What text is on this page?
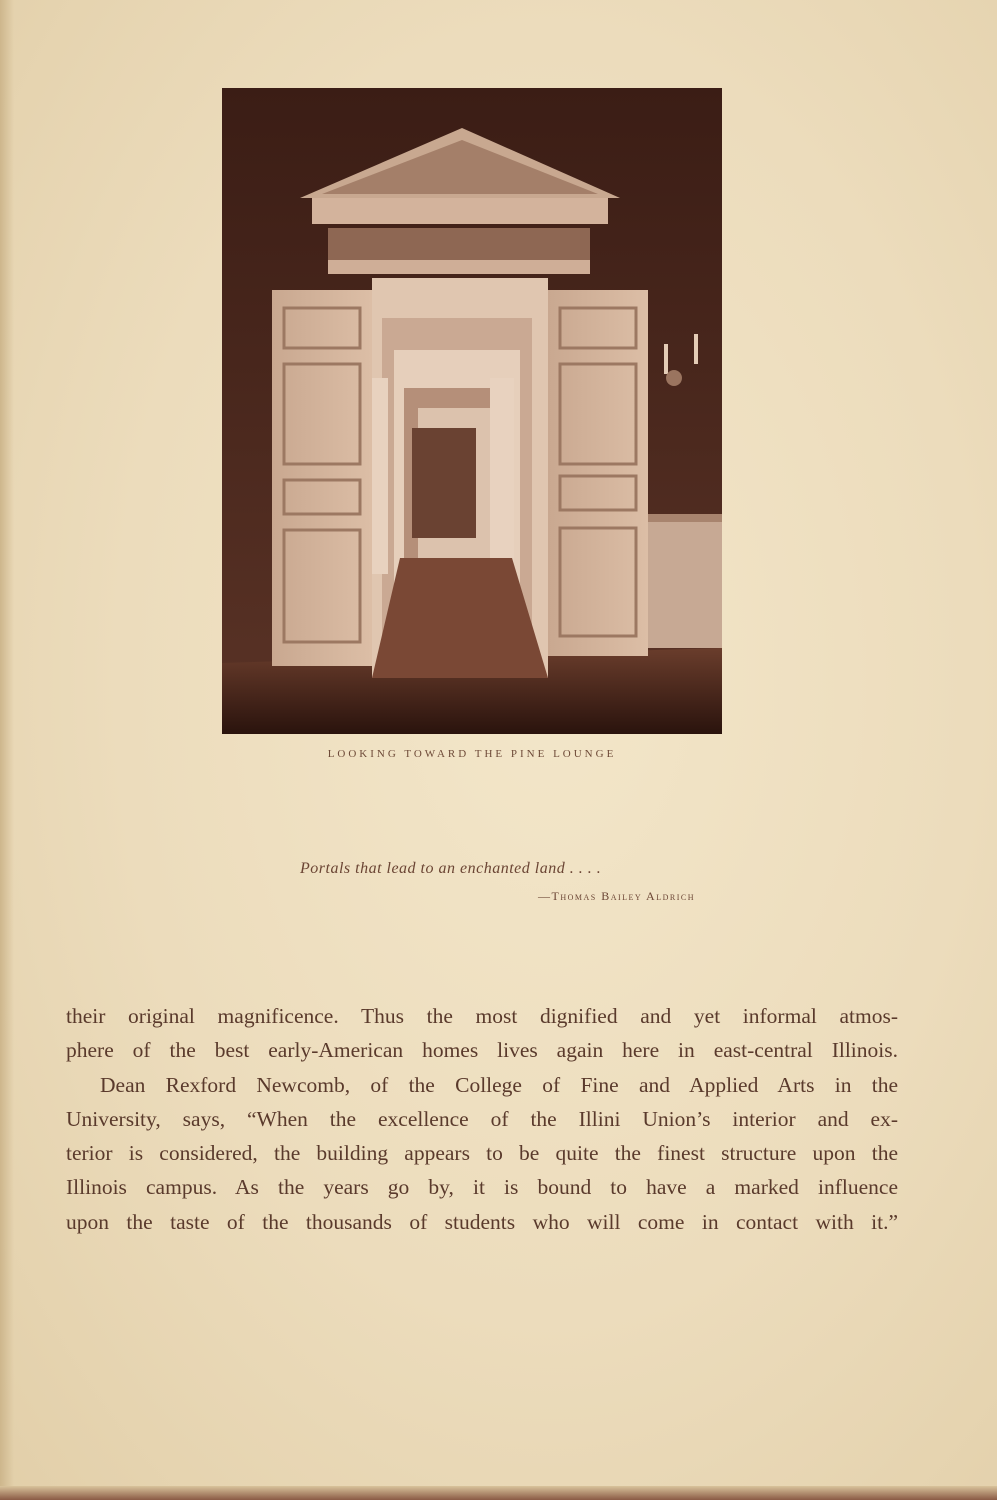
LOOKING TOWARD THE PINE LOUNGE
Portals that lead to an enchanted land . . . .
—Thomas Bailey Aldrich
their original magnificence. Thus the most dignified and yet informal atmos-
phere of the best early-American homes lives again here in east-central Illinois.
Dean Rexford Newcomb, of the College of Fine and Applied Arts in the
University, says, “When the excellence of the Illini Union’s interior and ex-
terior is considered, the building appears to be quite the finest structure upon the
Illinois campus. As the years go by, it is bound to have a marked influence
upon the taste of the thousands of students who will come in contact with it.”
